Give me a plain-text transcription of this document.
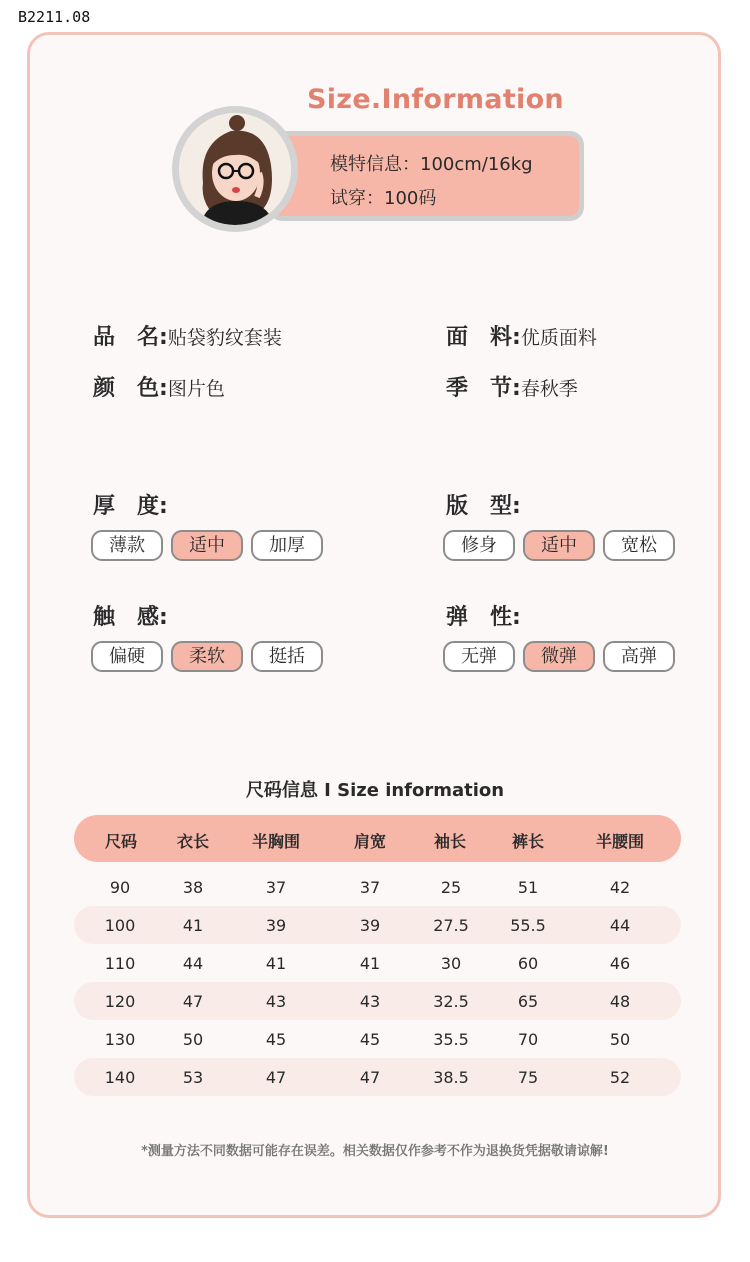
B2211.08
Size.Information
模特信息：100cm/16kg
试穿：100码
品　名:贴袋豹纹套装	面　料:优质面料
颜　色:图片色	季　节:春秋季
厚　度:	版　型:
触　感:	弹　性:
薄款	适中	加厚	修身	适中	宽松
偏硬	柔软	挺括	无弹	微弹	高弹
尺码信息 I Size information
尺码 衣长	半胸围	肩宽	袖长	裤长	半腰围
90	38	37	37	25	51	42
100	41	39	39	27.5	55.5	44
110	44	41	41	30	60	46
120	47	43	43	32.5	65	48
130	50	45	45	35.5	70	50
140	53	47	47	38.5	75	52
*测量方法不同数据可能存在误差。相关数据仅作参考不作为退换货凭据敬请谅解!
